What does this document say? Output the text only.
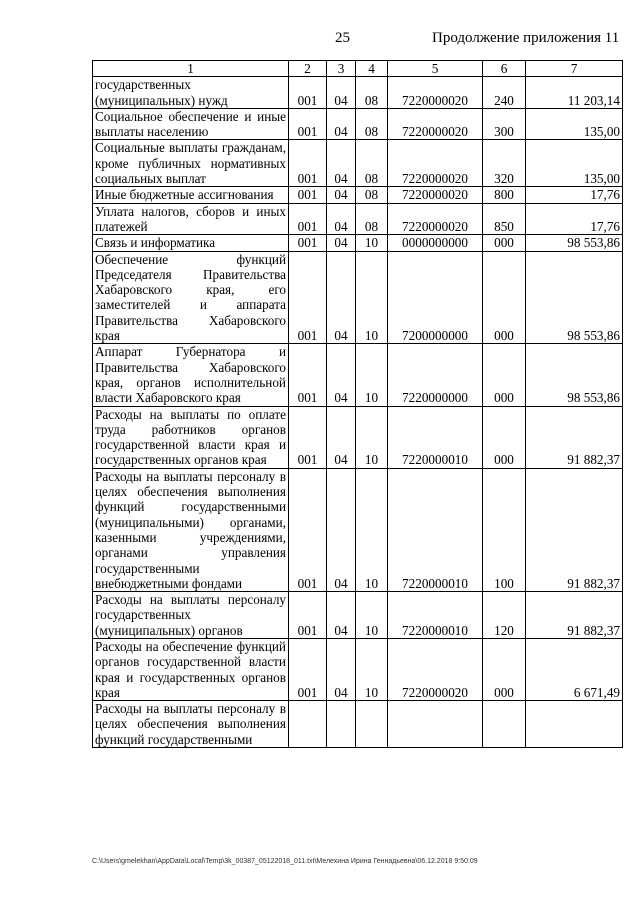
25	Продолжение приложения 11
1	2	3	4	5	6	7
государственных (муниципальных) нужд	001	04	08	7220000020	240	11 203,14
Социальное обеспечение и иные выплаты населению	001	04	08	7220000020	300	135,00
Социальные выплаты гражданам, кроме публичных нормативных социальных выплат	001	04	08	7220000020	320	135,00
Иные бюджетные ассигнования	001	04	08	7220000020	800	17,76
Уплата налогов, сборов и иных платежей	001	04	08	7220000020	850	17,76
Связь и информатика	001	04	10	0000000000	000	98 553,86
Обеспечение функций Председателя Правительства Хабаровского края, его заместителей и аппарата Правительства Хабаровского края	001	04	10	7200000000	000	98 553,86
Аппарат Губернатора и Правительства Хабаровского края, органов исполнительной власти Хабаровского края	001	04	10	7220000000	000	98 553,86
Расходы на выплаты по оплате труда работников органов государственной власти края и государственных органов края	001	04	10	7220000010	000	91 882,37
Расходы на выплаты персоналу в целях обеспечения выполнения функций государственными (муниципальными) органами, казенными учреждениями, органами управления государственными внебюджетными фондами	001	04	10	7220000010	100	91 882,37
Расходы на выплаты персоналу государственных (муниципальных) органов	001	04	10	7220000010	120	91 882,37
Расходы на обеспечение функций органов государственной власти края и государственных органов края	001	04	10	7220000020	000	6 671,49
Расходы на выплаты персоналу в целях обеспечения выполнения функций государственными						
C:\Users\gmelekhan\AppData\Local\Temp\3k_00387_05122018_011.txt\Мелехина Ирина Геннадьевна\06.12.2018 9:50:09
